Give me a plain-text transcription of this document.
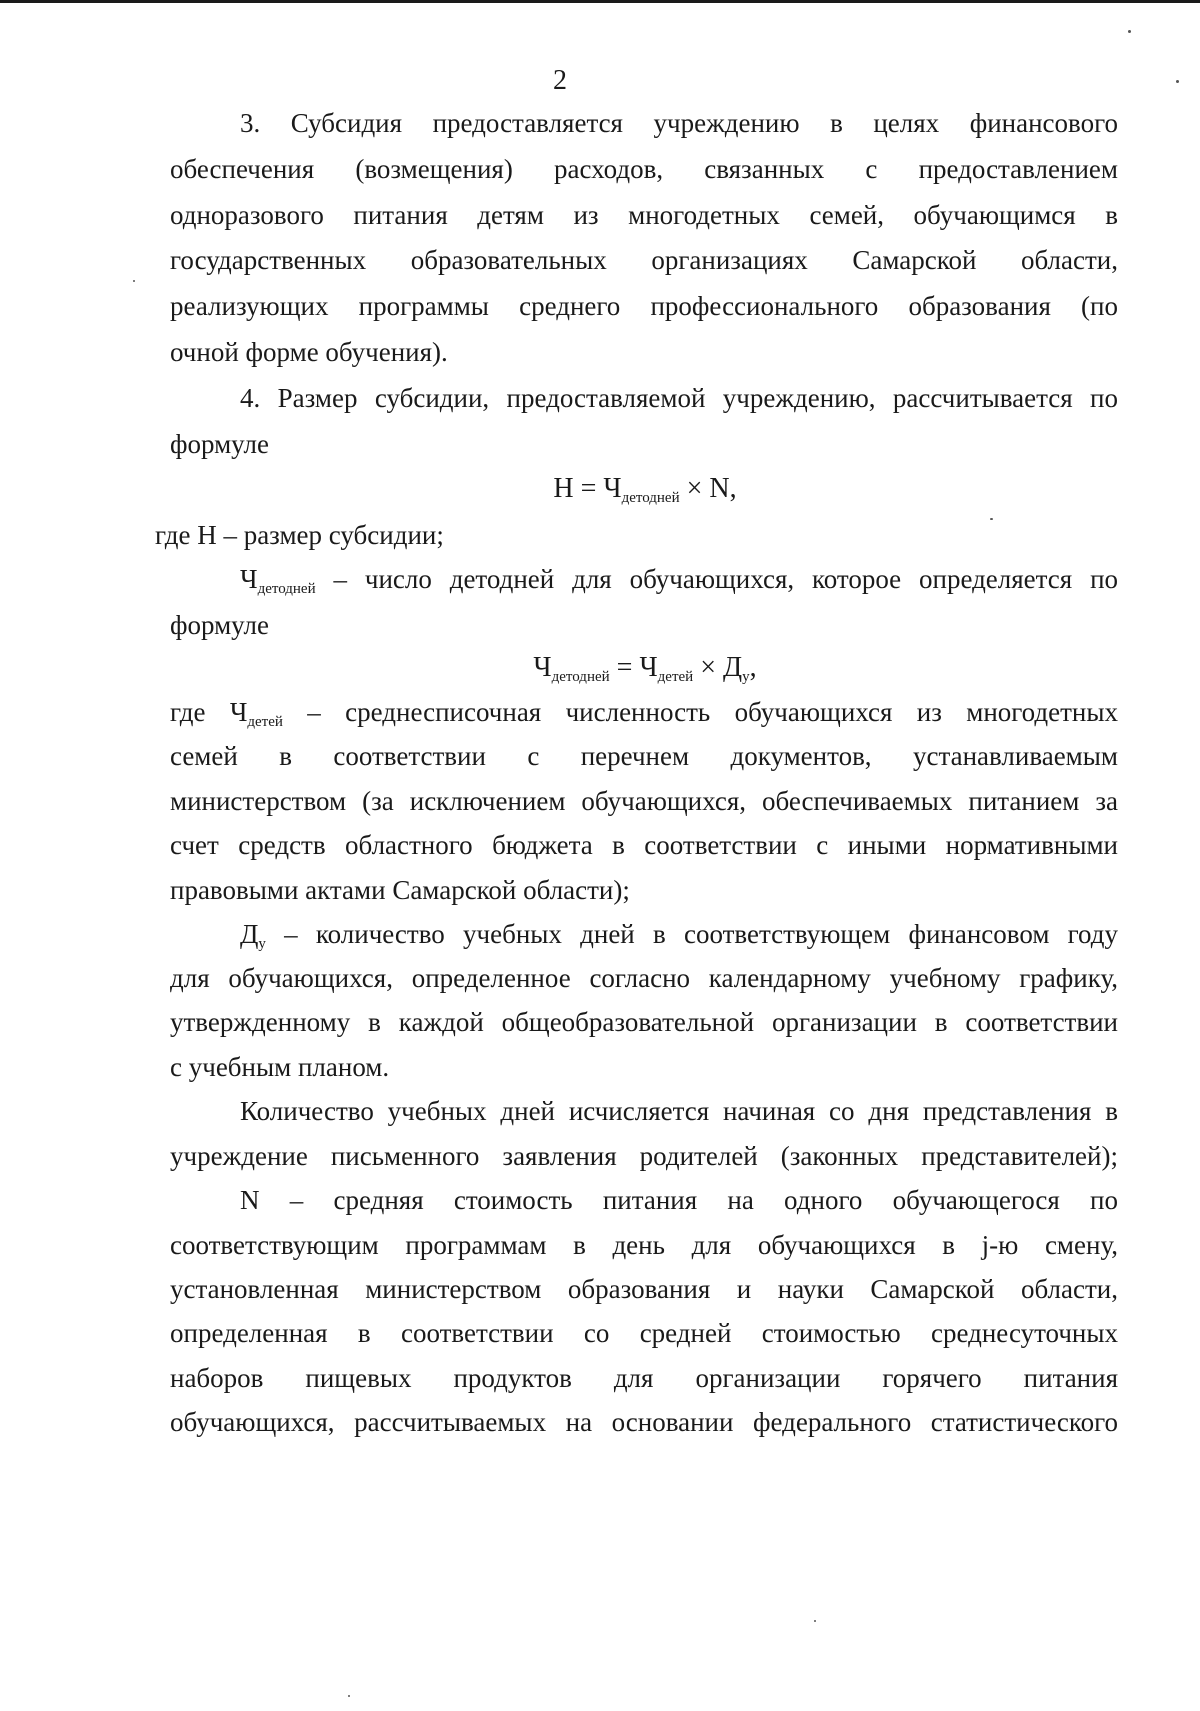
2
3. Субсидия предоставляется учреждению в целях финансового
обеспечения (возмещения) расходов, связанных с предоставлением
одноразового питания детям из многодетных семей, обучающимся в
государственных образовательных организациях Самарской области,
реализующих программы среднего профессионального образования (по
очной форме обучения).
4. Размер субсидии, предоставляемой учреждению, рассчитывается по
формуле
$Н = Ч_{детодней} \times N$,
где Н – размер субсидии;
$Ч_{детодней}$ – число детодней для обучающихся, которое определяется по
формуле
$Ч_{детодней} = Ч_{детей} \times Д_у$,
где $Ч_{детей}$ – среднесписочная численность обучающихся из многодетных
семей в соответствии с перечнем документов, устанавливаемым
министерством (за исключением обучающихся, обеспечиваемых питанием за
счет средств областного бюджета в соответствии с иными нормативными
правовыми актами Самарской области);
$Д_у$ – количество учебных дней в соответствующем финансовом году
для обучающихся, определенное согласно календарному учебному графику,
утвержденному в каждой общеобразовательной организации в соответствии
с учебным планом.
Количество учебных дней исчисляется начиная со дня представления в
учреждение письменного заявления родителей (законных представителей);
N – средняя стоимость питания на одного обучающегося по
соответствующим программам в день для обучающихся в j-ю смену,
установленная министерством образования и науки Самарской области,
определенная в соответствии со средней стоимостью среднесуточных
наборов пищевых продуктов для организации горячего питания
обучающихся, рассчитываемых на основании федерального статистического
